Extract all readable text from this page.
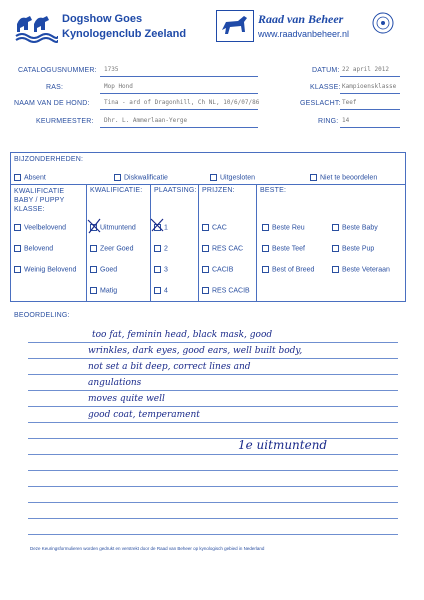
Dogshow Goes
Kynologenclub Zeeland
Raad van Beheer
www.raadvanbeheer.nl
CATALOGUSNUMMER: 1735
RAS:	Mop Hond
NAAM VAN DE HOND: Tina - ard of Dragonhill, Ch NL, 10/6/07/86
KEURMEESTER: Dhr. L. Ammerlaan-Yerge
DATUM: 22 april 2012
KLASSE: Kampioensklasse
GESLACHT: Teef
RING: 14
BIJZONDERHEDEN:
Absent	Diskwalificatie	Uitgesloten	Niet te beoordelen
KWALIFICATIE BABY / PUPPY KLASSE:
KWALIFICATIE: PLAATSING: PRIJZEN:	BESTE:
Veelbelovend
Belovend
Weinig Belovend
Uitmuntend
Zeer Goed
Goed
Matig
1
2
3
4
CAC
RES CAC
CACIB
RES CACIB
Beste Reu
Beste Teef
Best of Breed
Beste Baby
Beste Pup
Beste Veteraan
BEOORDELING:
too fat, feminin head, black mask, good
wrinkles, dark eyes, good ears, well built body,
not set a bit deep, correct lines and
angulations
moves quite well
good coat, temperament
1e uitmuntend
Deze Keuringsformulieren worden gedrukt en verstrekt door de Raad van Beheer op kynologisch gebied in Nederland
